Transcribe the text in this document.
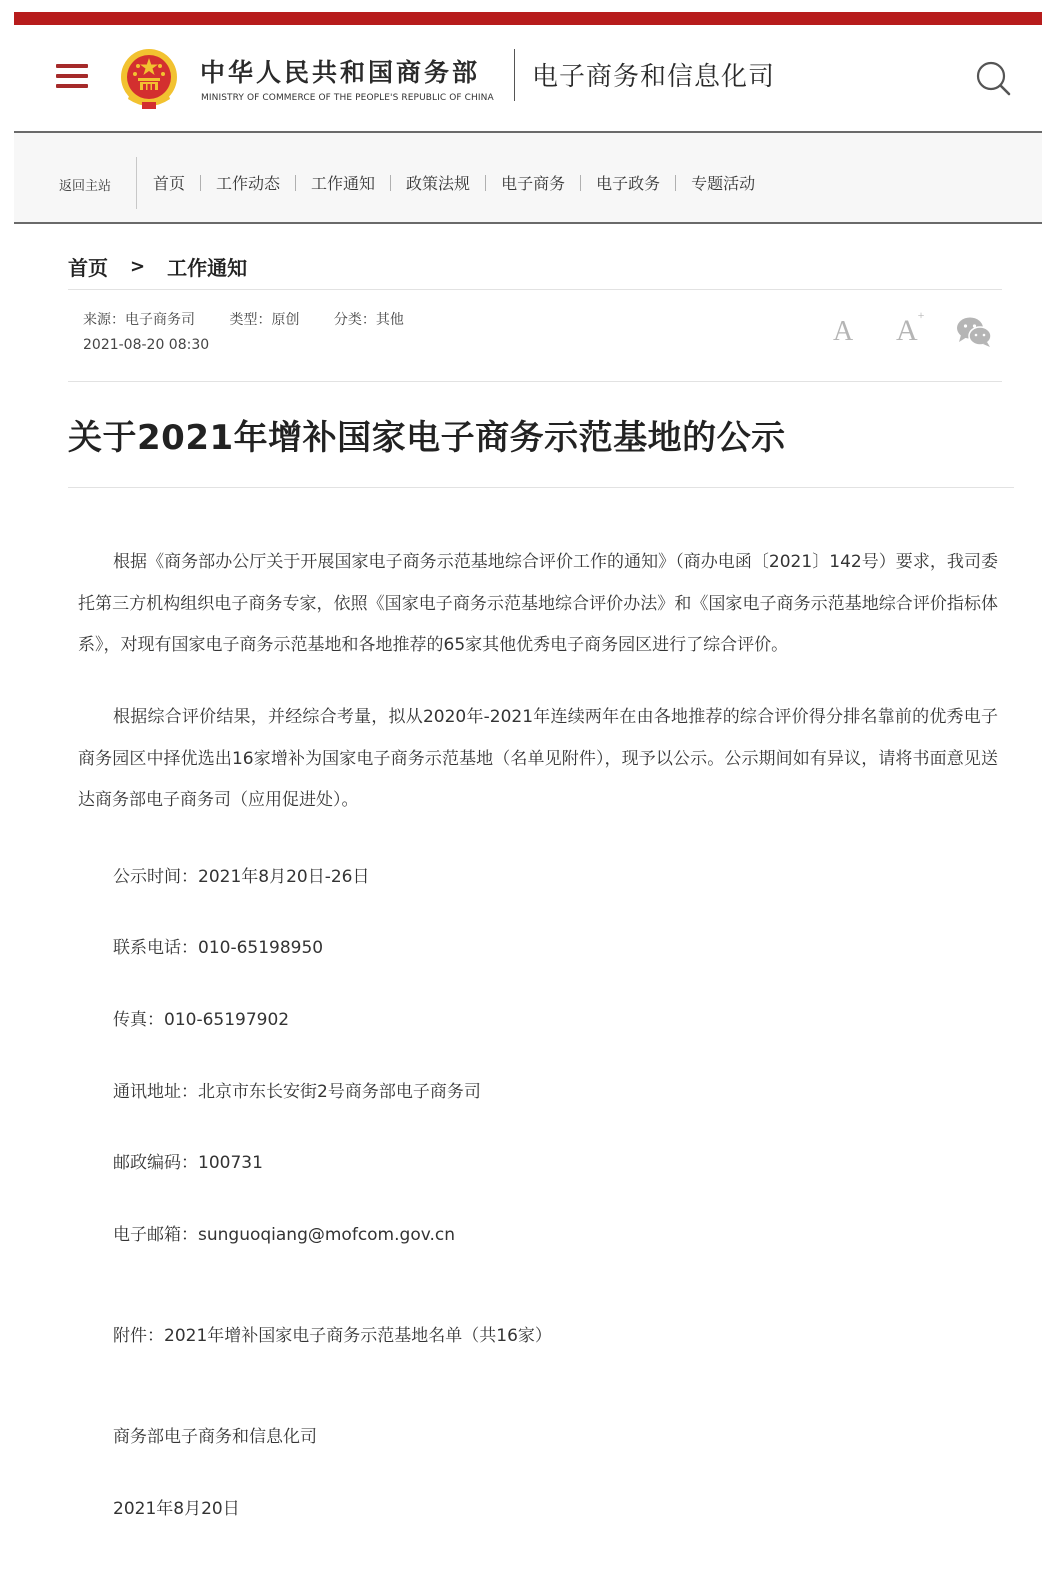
中华人民共和国商务部
MINISTRY OF COMMERCE OF THE PEOPLE'S REPUBLIC OF CHINA
电子商务和信息化司
返回主站	首页 工作动态 工作通知 政策法规 电子商务 电子政务 专题活动
首页 > 工作通知
来源：电子商务司 类型：原创 分类：其他
2021-08-20 08:30	A A+
关于2021年增补国家电子商务示范基地的公示
根据《商务部办公厅关于开展国家电子商务示范基地综合评价工作的通知》（商办电函〔2021〕142号）要求，我司委托第三方机构组织电子商务专家，依照《国家电子商务示范基地综合评价办法》和《国家电子商务示范基地综合评价指标体系》，对现有国家电子商务示范基地和各地推荐的65家其他优秀电子商务园区进行了综合评价。
根据综合评价结果，并经综合考量，拟从2020年-2021年连续两年在由各地推荐的综合评价得分排名靠前的优秀电子商务园区中择优选出16家增补为国家电子商务示范基地（名单见附件），现予以公示。公示期间如有异议，请将书面意见送达商务部电子商务司（应用促进处）。
公示时间：2021年8月20日-26日
联系电话：010-65198950
传真：010-65197902
通讯地址：北京市东长安街2号商务部电子商务司
邮政编码：100731
电子邮箱：sunguoqiang@mofcom.gov.cn
附件：2021年增补国家电子商务示范基地名单（共16家）
商务部电子商务和信息化司
2021年8月20日
